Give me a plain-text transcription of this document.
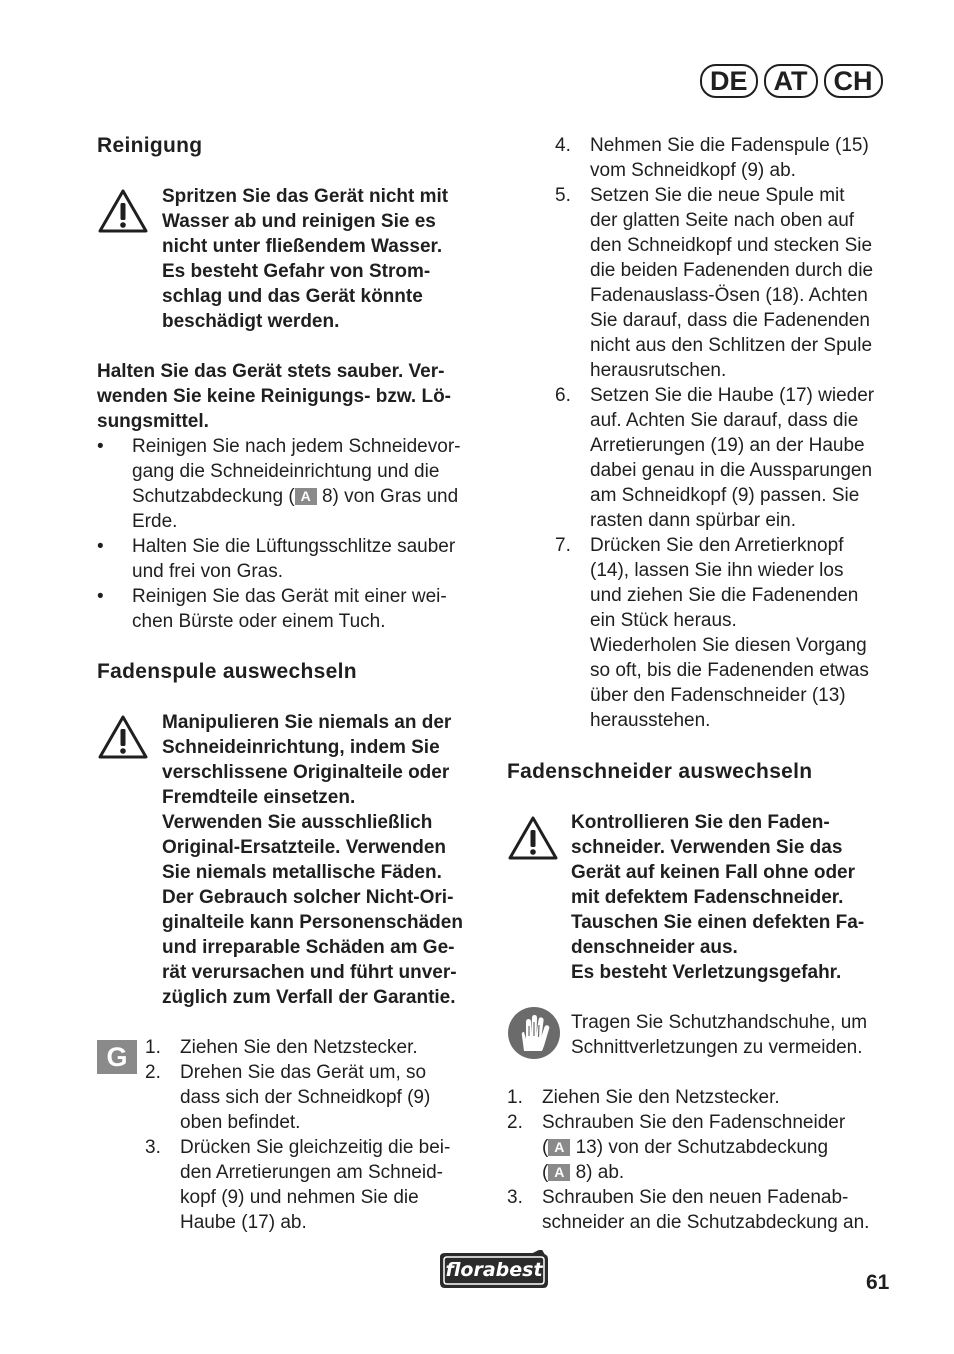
DE AT CH
Reinigung
Spritzen Sie das Gerät nicht mit
Wasser ab und reinigen Sie es
nicht unter fließendem Wasser.
Es besteht Gefahr von Strom-
schlag und das Gerät könnte
beschädigt werden.
Halten Sie das Gerät stets sauber. Ver-
wenden Sie keine Reinigungs- bzw. Lö-
sungsmittel.
• Reinigen Sie nach jedem Schneidevor-
gang die Schneideinrichtung und die
Schutzabdeckung ( A 8) von Gras und
Erde.
• Halten Sie die Lüftungsschlitze sauber
und frei von Gras.
• Reinigen Sie das Gerät mit einer wei-
chen Bürste oder einem Tuch.
Fadenspule auswechseln
Manipulieren Sie niemals an der
Schneideinrichtung, indem Sie
verschlissene Originalteile oder
Fremdteile einsetzen.
Verwenden Sie ausschließlich
Original-Ersatzteile. Verwenden
Sie niemals metallische Fäden.
Der Gebrauch solcher Nicht-Ori-
ginalteile kann Personenschäden
und irreparable Schäden am Ge-
rät verursachen und führt unver-
züglich zum Verfall der Garantie.
G 1. Ziehen Sie den Netzstecker.
2. Drehen Sie das Gerät um, so
dass sich der Schneidkopf (9)
oben befindet.
3. Drücken Sie gleichzeitig die bei-
den Arretierungen am Schneid-
kopf (9) und nehmen Sie die
Haube (17) ab.
4. Nehmen Sie die Fadenspule (15)
vom Schneidkopf (9) ab.
5. Setzen Sie die neue Spule mit
der glatten Seite nach oben auf
den Schneidkopf und stecken Sie
die beiden Fadenenden durch die
Fadenauslass-Ösen (18). Achten
Sie darauf, dass die Fadenenden
nicht aus den Schlitzen der Spule
herausrutschen.
6. Setzen Sie die Haube (17) wieder
auf. Achten Sie darauf, dass die
Arretierungen (19) an der Haube
dabei genau in die Aussparungen
am Schneidkopf (9) passen. Sie
rasten dann spürbar ein.
7. Drücken Sie den Arretierknopf
(14), lassen Sie ihn wieder los
und ziehen Sie die Fadenenden
ein Stück heraus.
Wiederholen Sie diesen Vorgang
so oft, bis die Fadenenden etwas
über den Fadenschneider (13)
herausstehen.
Fadenschneider auswechseln
Kontrollieren Sie den Faden-
schneider. Verwenden Sie das
Gerät auf keinen Fall ohne oder
mit defektem Fadenschneider.
Tauschen Sie einen defekten Fa-
denschneider aus.
Es besteht Verletzungsgefahr.
Tragen Sie Schutzhandschuhe, um
Schnittverletzungen zu vermeiden.
1. Ziehen Sie den Netzstecker.
2. Schrauben Sie den Fadenschneider
( A 13) von der Schutzabdeckung
( A 8) ab.
3. Schrauben Sie den neuen Fadenab-
schneider an die Schutzabdeckung an.
florabest
61
